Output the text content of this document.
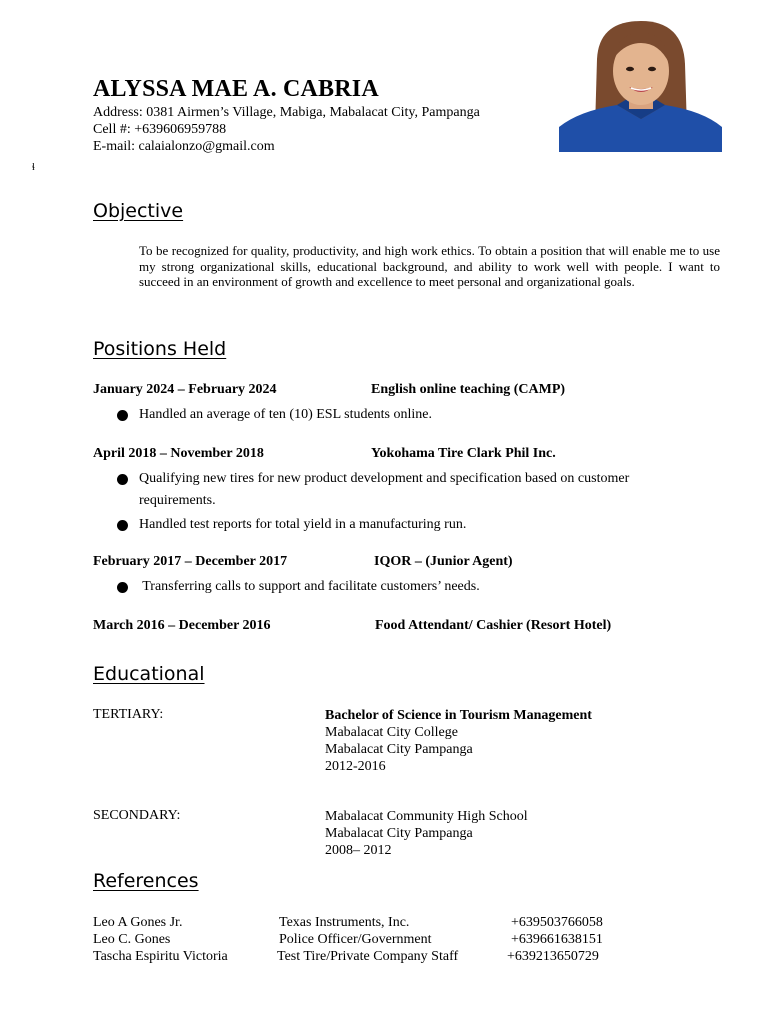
ALYSSA MAE A. CABRIA
Address: 0381 Airmen’s Village, Mabiga, Mabalacat City, Pampanga
Cell #: +639606959788
E-mail: calaialonzo@gmail.com
ɬ
Objective
To be recognized for quality, productivity, and high work ethics. To obtain a position that will enable me to use my strong organizational skills, educational background, and ability to work well with people. I want to succeed in an environment of growth and excellence to meet personal and organizational goals.
Positions Held
January 2024 – February 2024	English online teaching (CAMP)
Handled an average of ten (10) ESL students online.
April 2018 – November 2018	Yokohama Tire Clark Phil Inc.
Qualifying new tires for new product development and specification based on customer requirements.
Handled test reports for total yield in a manufacturing run.
February 2017 – December 2017	IQOR – (Junior Agent)
Transferring calls to support and facilitate customers’ needs.
March 2016 – December 2016	Food Attendant/ Cashier (Resort Hotel)
Educational
TERTIARY:	Bachelor of Science in Tourism Management
Mabalacat City College
Mabalacat City Pampanga
2012-2016
SECONDARY:	Mabalacat Community High School
Mabalacat City Pampanga
2008– 2012
References
Leo A Gones Jr.	Texas Instruments, Inc.	+639503766058
Leo C. Gones	Police Officer/Government	+639661638151
Tascha Espiritu Victoria	Test Tire/Private Company Staff	+639213650729
